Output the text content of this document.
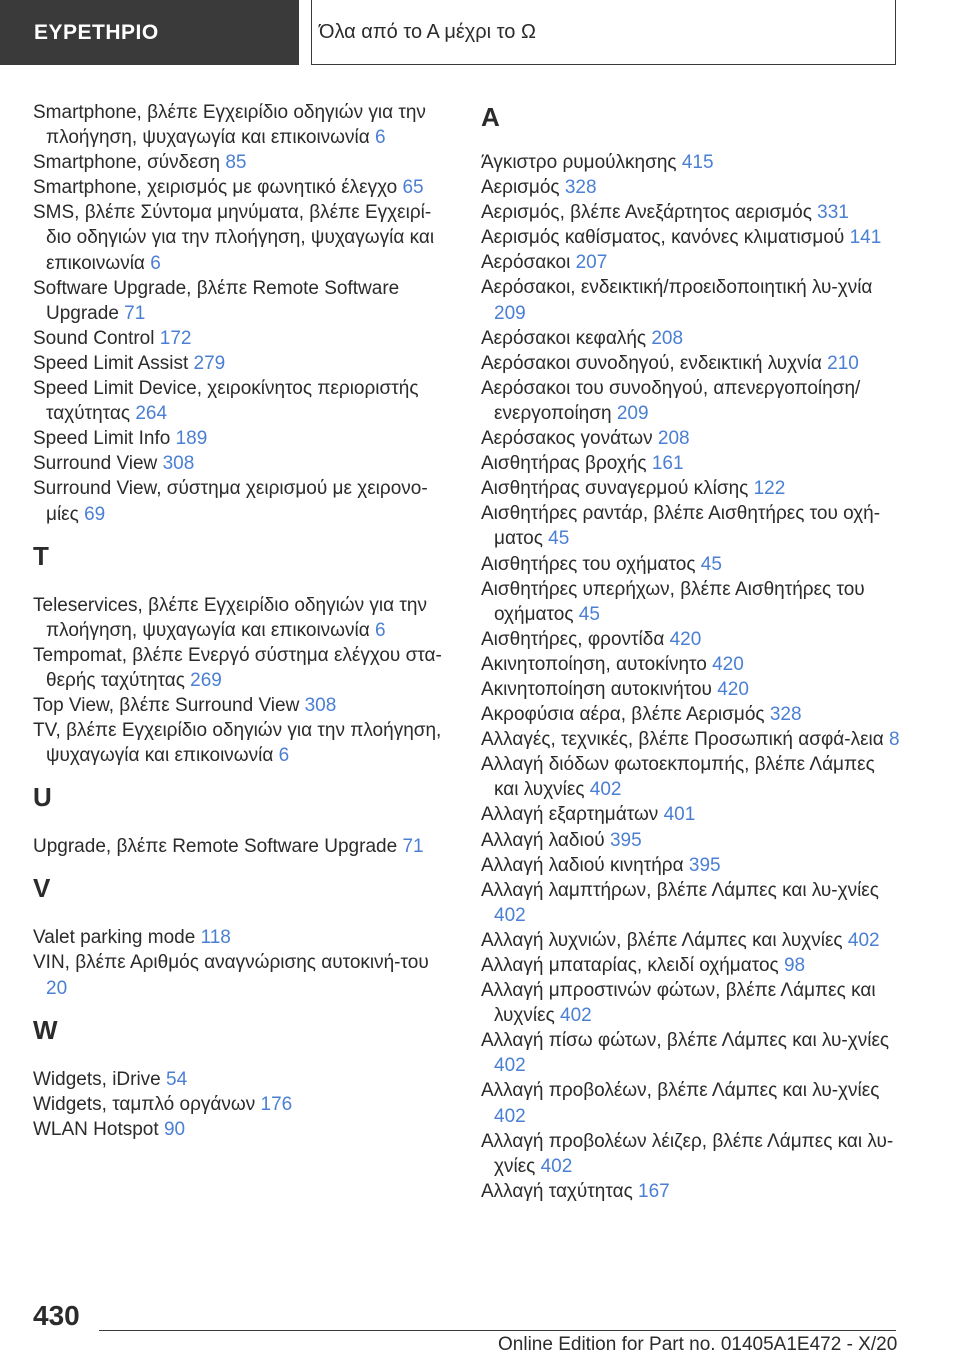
ΕΥΡΕΤΗΡΙΟ	Όλα από το Α μέχρι το Ω
Smartphone, βλέπε Εγχειρίδιο οδηγιών για την πλοήγηση, ψυχαγωγία και επικοινωνία 6
Smartphone, σύνδεση 85
Smartphone, χειρισμός με φωνητικό έλεγχο 65
SMS, βλέπε Σύντομα μηνύματα, βλέπε Εγχειρί-διο οδηγιών για την πλοήγηση, ψυχαγωγία και επικοινωνία 6
Software Upgrade, βλέπε Remote Software Upgrade 71
Sound Control 172
Speed Limit Assist 279
Speed Limit Device, χειροκίνητος περιοριστής ταχύτητας 264
Speed Limit Info 189
Surround View 308
Surround View, σύστημα χειρισμού με χειρονο-μίες 69
T
Teleservices, βλέπε Εγχειρίδιο οδηγιών για την πλοήγηση, ψυχαγωγία και επικοινωνία 6
Tempomat, βλέπε Ενεργό σύστημα ελέγχου στα-θερής ταχύτητας 269
Top View, βλέπε Surround View 308
TV, βλέπε Εγχειρίδιο οδηγιών για την πλοήγηση, ψυχαγωγία και επικοινωνία 6
U
Upgrade, βλέπε Remote Software Upgrade 71
V
Valet parking mode 118
VIN, βλέπε Αριθμός αναγνώρισης αυτοκινή-του 20
W
Widgets, iDrive 54
Widgets, ταμπλό οργάνων 176
WLAN Hotspot 90
A
Άγκιστρο ρυμούλκησης 415
Αερισμός 328
Αερισμός, βλέπε Ανεξάρτητος αερισμός 331
Αερισμός καθίσματος, κανόνες κλιματισμού 141
Αερόσακοι 207
Αερόσακοι, ενδεικτική/προειδοποιητική λυ-χνία 209
Αερόσακοι κεφαλής 208
Αερόσακοι συνοδηγού, ενδεικτική λυχνία 210
Αερόσακοι του συνοδηγού, απενεργοποίηση/ενεργοποίηση 209
Αερόσακος γονάτων 208
Αισθητήρας βροχής 161
Αισθητήρας συναγερμού κλίσης 122
Αισθητήρες ραντάρ, βλέπε Αισθητήρες του οχή-ματος 45
Αισθητήρες του οχήματος 45
Αισθητήρες υπερήχων, βλέπε Αισθητήρες του οχήματος 45
Αισθητήρες, φροντίδα 420
Ακινητοποίηση, αυτοκίνητο 420
Ακινητοποίηση αυτοκινήτου 420
Ακροφύσια αέρα, βλέπε Αερισμός 328
Αλλαγές, τεχνικές, βλέπε Προσωπική ασφά-λεια 8
Αλλαγή διόδων φωτοεκπομπής, βλέπε Λάμπες και λυχνίες 402
Αλλαγή εξαρτημάτων 401
Αλλαγή λαδιού 395
Αλλαγή λαδιού κινητήρα 395
Αλλαγή λαμπτήρων, βλέπε Λάμπες και λυ-χνίες 402
Αλλαγή λυχνιών, βλέπε Λάμπες και λυχνίες 402
Αλλαγή μπαταρίας, κλειδί οχήματος 98
Αλλαγή μπροστινών φώτων, βλέπε Λάμπες και λυχνίες 402
Αλλαγή πίσω φώτων, βλέπε Λάμπες και λυ-χνίες 402
Αλλαγή προβολέων, βλέπε Λάμπες και λυ-χνίες 402
Αλλαγή προβολέων λέιζερ, βλέπε Λάμπες και λυ-χνίες 402
Αλλαγή ταχύτητας 167
430
Online Edition for Part no. 01405A1E472 - X/20
